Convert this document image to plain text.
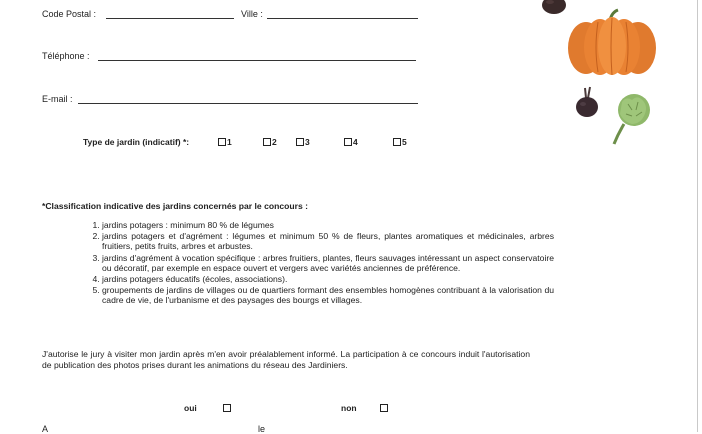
Code Postal :	Ville :
Téléphone :
E-mail :
Type de jardin (indicatif) *:	1	2	3	4	5
*Classification indicative des jardins concernés par le concours :
1. jardins potagers : minimum 80 % de légumes
2. jardins potagers et d'agrément : légumes et minimum 50 % de fleurs, plantes aromatiques et médicinales, arbres fruitiers, petits fruits, arbres et arbustes.
3. jardins d'agrément à vocation spécifique : arbres fruitiers, plantes, fleurs sauvages intéressant un aspect conservatoire ou décoratif, par exemple en espace ouvert et vergers avec variétés anciennes de préférence.
4. jardins potagers éducatifs (écoles, associations).
5. groupements de jardins de villages ou de quartiers formant des ensembles homogènes contribuant à la valorisation du cadre de vie, de l'urbanisme et des paysages des bourgs et villages.
J'autorise le jury à visiter mon jardin après m'en avoir préalablement informé. La participation à ce concours induit l'autorisation de publication des photos prises durant les animations du réseau des Jardiniers.
oui	non
A	le
